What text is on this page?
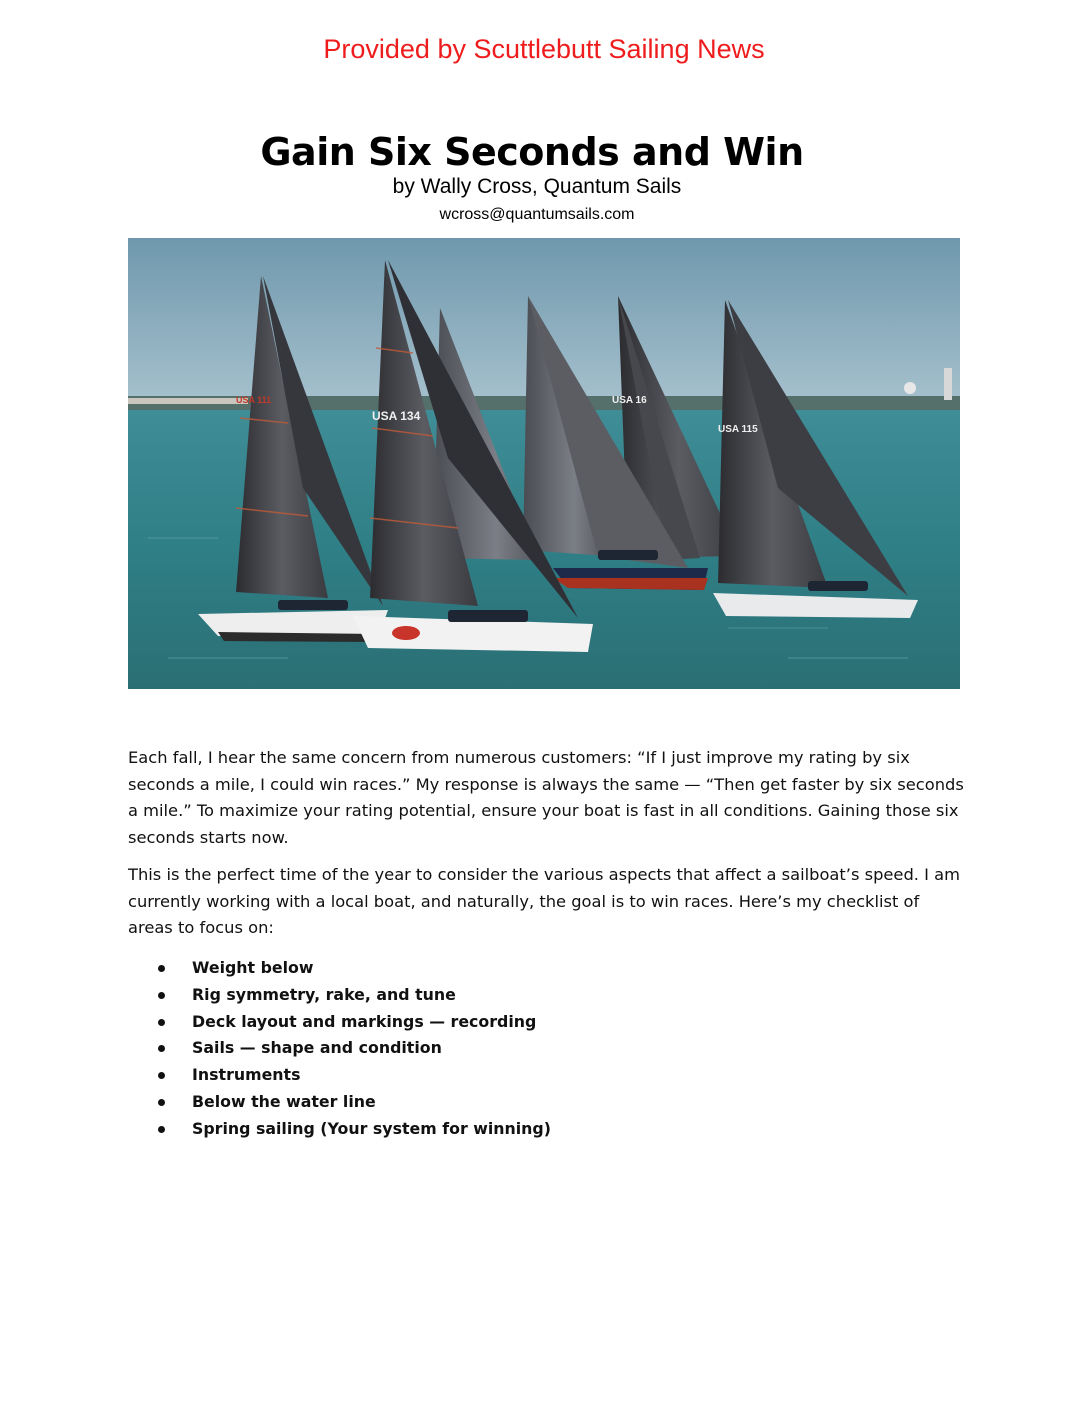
Provided by Scuttlebutt Sailing News
Gain Six Seconds and Win
by Wally Cross, Quantum Sails
wcross@quantumsails.com
USA 134
USA 16
USA 115
USA 111

Each fall, I hear the same concern from numerous customers: “If I just improve my rating by six seconds a mile, I could win races.” My response is always the same — “Then get faster by six seconds a mile.” To maximize your rating potential, ensure your boat is fast in all conditions. Gaining those six seconds starts now.

This is the perfect time of the year to consider the various aspects that affect a sailboat’s speed. I am currently working with a local boat, and naturally, the goal is to win races. Here’s my checklist of areas to focus on:

Weight below
Rig symmetry, rake, and tune
Deck layout and markings — recording
Sails — shape and condition
Instruments
Below the water line
Spring sailing (Your system for winning)
